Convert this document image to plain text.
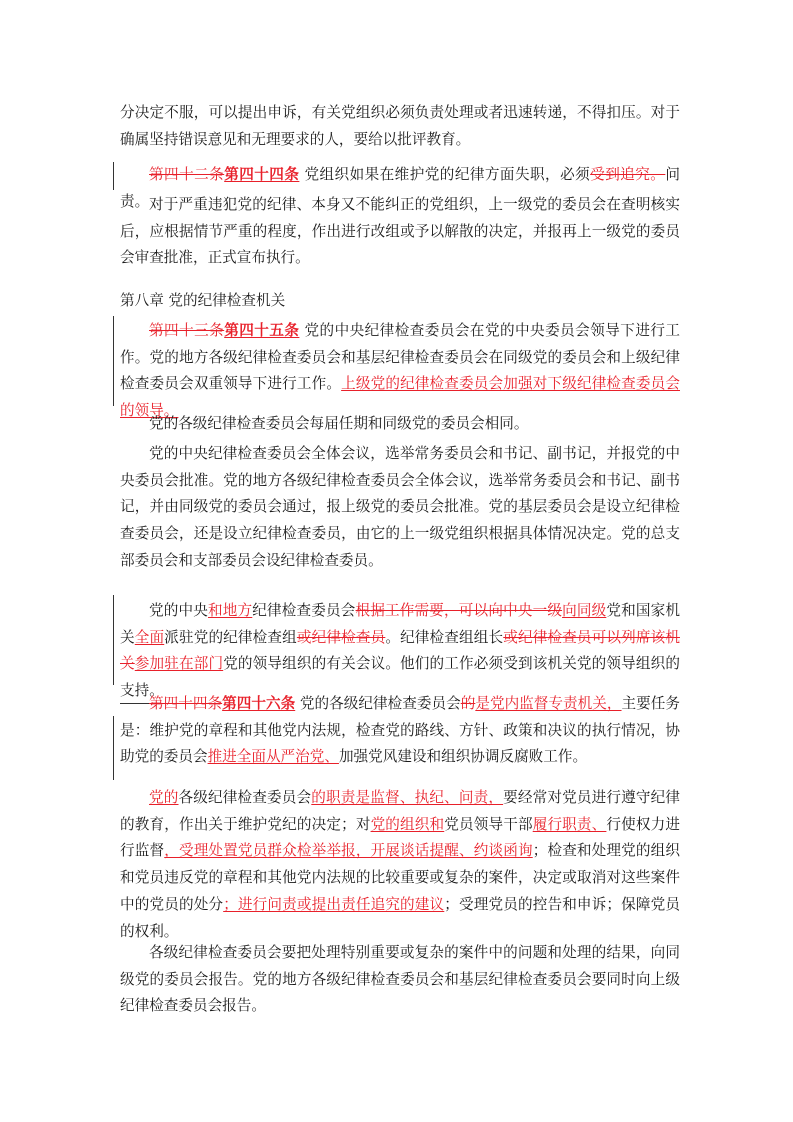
分决定不服，可以提出申诉，有关党组织必须负责处理或者迅速转递，不得扣压。对于确属坚持错误意见和无理要求的人，要给以批评教育。

第四十二条第四十四条 党组织如果在维护党的纪律方面失职，必须受到追究。问责。 对于严重违犯党的纪律、本身又不能纠正的党组织，上一级党的委员会在查明核实后，应根据情节严重的程度，作出进行改组或予以解散的决定，并报再上一级党的委员会审查批准，正式宣布执行。

第八章 党的纪律检查机关

第四十三条第四十五条 党的中央纪律检查委员会在党的中央委员会领导下进行工作。党的地方各级纪律检查委员会和基层纪律检查委员会在同级党的委员会和上级纪律检查委员会双重领导下进行工作。上级党的纪律检查委员会加强对下级纪律检查委员会的领导。

党的各级纪律检查委员会每届任期和同级党的委员会相同。

党的中央纪律检查委员会全体会议，选举常务委员会和书记、副书记，并报党的中央委员会批准。党的地方各级纪律检查委员会全体会议，选举常务委员会和书记、副书记，并由同级党的委员会通过，报上级党的委员会批准。党的基层委员会是设立纪律检查委员会，还是设立纪律检查委员，由它的上一级党组织根据具体情况决定。党的总支部委员会和支部委员会设纪律检查委员。

党的中央和地方纪律检查委员会根据工作需要，可以向中央一级向同级党和国家机关全面派驻党的纪律检查组或纪律检查员。纪律检查组组长或纪律检查员可以列席该机关参加驻在部门党的领导组织的有关会议。他们的工作必须受到该机关党的领导组织的支持。

第四十四条第四十六条 党的各级纪律检查委员会的是党内监督专责机关，主要任务是：维护党的章程和其他党内法规，检查党的路线、方针、政策和决议的执行情况，协助党的委员会推进全面从严治党、加强党风建设和组织协调反腐败工作。

党的各级纪律检查委员会的职责是监督、执纪、问责，要经常对党员进行遵守纪律的教育，作出关于维护党纪的决定；对党的组织和党员领导干部履行职责、行使权力进行监督，受理处置党员群众检举举报，开展谈话提醒、约谈函询；检查和处理党的组织和党员违反党的章程和其他党内法规的比较重要或复杂的案件，决定或取消对这些案件中的党员的处分；进行问责或提出责任追究的建议；受理党员的控告和申诉；保障党员的权利。

各级纪律检查委员会要把处理特别重要或复杂的案件中的问题和处理的结果，向同级党的委员会报告。党的地方各级纪律检查委员会和基层纪律检查委员会要同时向上级纪律检查委员会报告。
